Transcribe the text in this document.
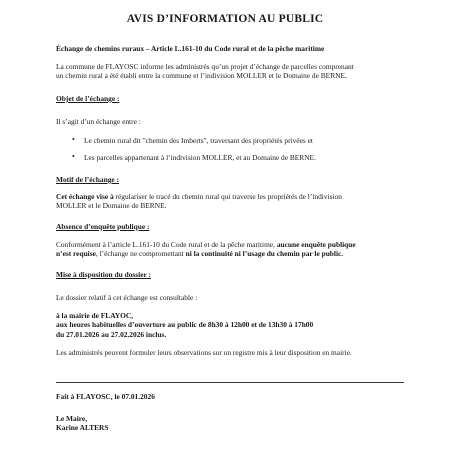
AVIS D’INFORMATION AU PUBLIC
Échange de chemins ruraux – Article L.161-10 du Code rural et de la pêche maritime
La commune de FLAYOSC informe les administrés qu’un projet d’échange de parcelles comprenant
un chemin rural a été établi entre la commune et l’indivision MOLLER et le Domaine de BERNE.
Objet de l’échange :
Il s’agit d’un échange entre :
• Le chemin rural dit "chemin des Imberts", traversant des propriétés privées et
• Les parcelles appartenant à l’indivision MOLLER, et au Domaine de BERNE.
Motif de l’échange :
Cet échange vise à régulariser le tracé du chemin rural qui traverse les propriétés de l’indivision
MOLLER et le Domaine de BERNE.
Absence d’enquête publique :
Conformément à l’article L.161-10 du Code rural et de la pêche maritime, aucune enquête publique
n’est requise, l’échange ne compromettant ni la continuité ni l’usage du chemin par le public.
Mise à disposition du dossier :
Le dossier relatif à cet échange est consultable :
à la mairie de FLAYOC,
aux heures habituelles d’ouverture au public de 8h30 à 12h00 et de 13h30 à 17h00
du 27.01.2026 au 27.02.2026 inclus.
Les administrés peuvent formuler leurs observations sur un registre mis à leur disposition en mairie.
Fait à FLAYOSC, le 07.01.2026
Le Maire,
Karine ALTERS
